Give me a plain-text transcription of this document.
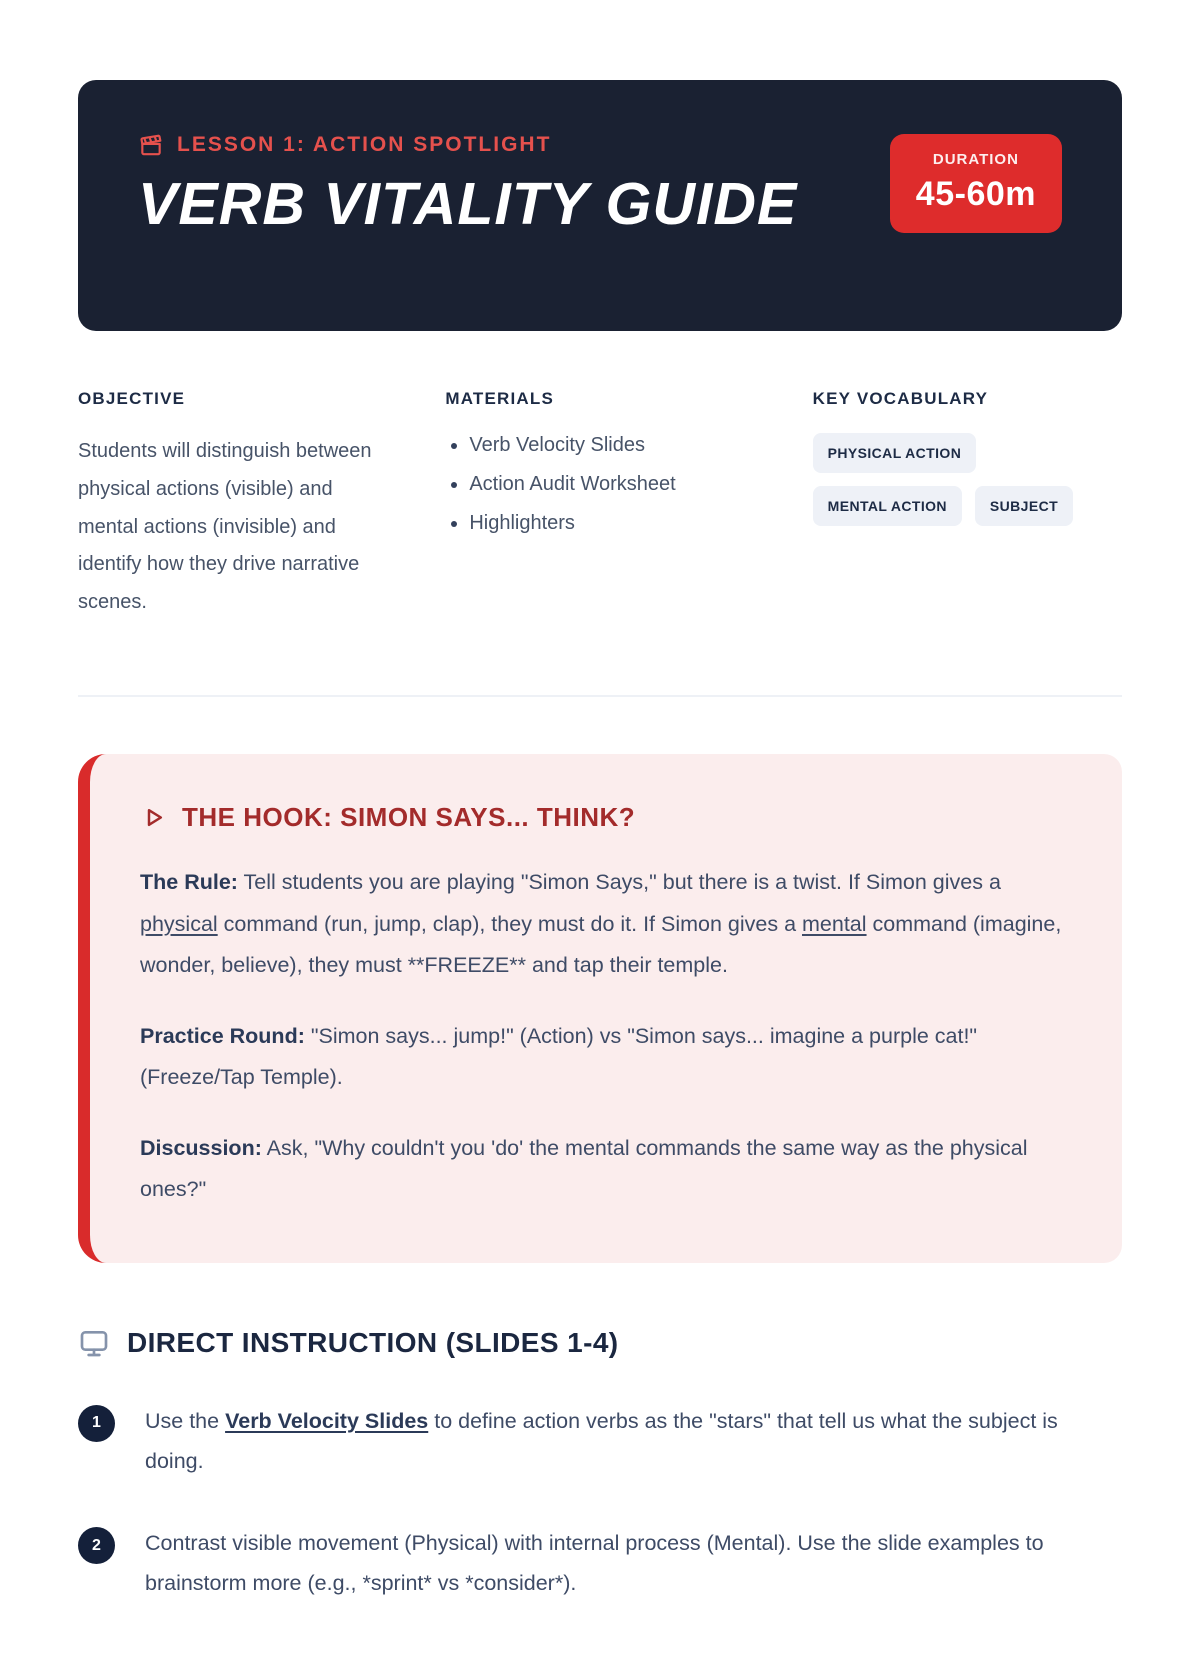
LESSON 1: ACTION SPOTLIGHT
VERB VITALITY GUIDE
DURATION
45-60m
OBJECTIVE

Students will distinguish between physical actions (visible) and mental actions (invisible) and identify how they drive narrative scenes.

MATERIALS
• Verb Velocity Slides
• Action Audit Worksheet
• Highlighters
KEY VOCABULARY
PHYSICAL ACTION
MENTAL ACTION	SUBJECT
THE HOOK: SIMON SAYS... THINK?

The Rule: Tell students you are playing "Simon Says," but there is a twist. If Simon gives a physical command (run, jump, clap), they must do it. If Simon gives a mental command (imagine, wonder, believe), they must **FREEZE** and tap their temple.

Practice Round: "Simon says... jump!" (Action) vs "Simon says... imagine a purple cat!" (Freeze/Tap Temple).

Discussion: Ask, "Why couldn't you 'do' the mental commands the same way as the physical ones?"

DIRECT INSTRUCTION (SLIDES 1-4)
1	Use the Verb Velocity Slides to define action verbs as the "stars" that tell us what the subject is doing.
2	Contrast visible movement (Physical) with internal process (Mental). Use the slide examples to brainstorm more (e.g., *sprint* vs *consider*).
